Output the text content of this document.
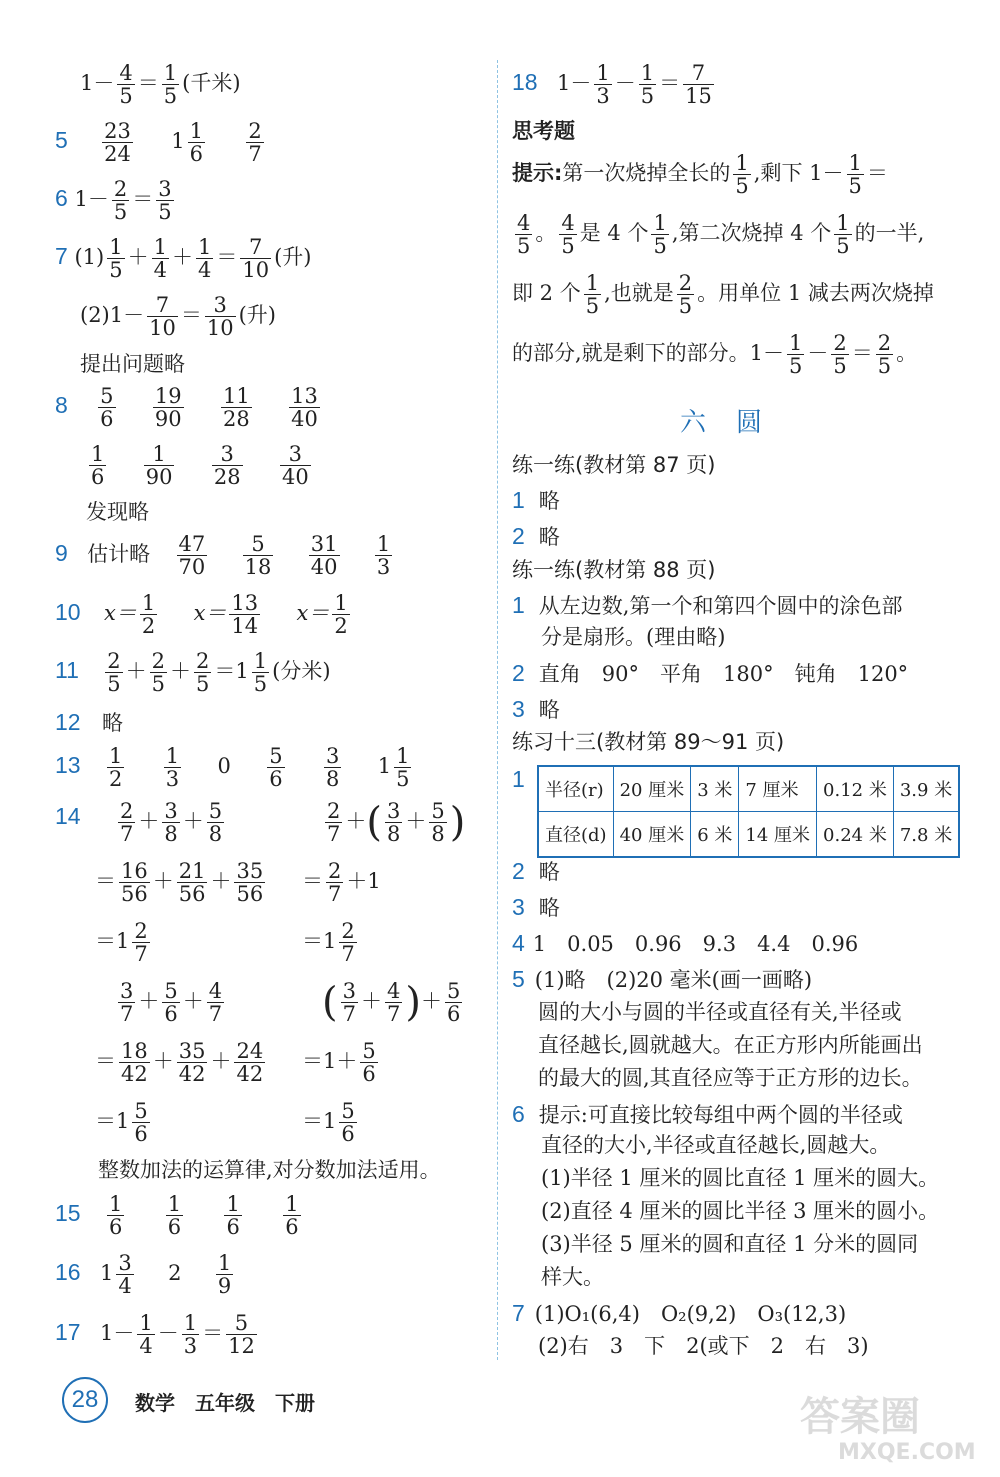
$1- \frac{4}{5} = \frac{1}{5}$ (千米)
$5 \frac{23}{24} 1 \frac{1}{6}$
$\frac{2}{7}$
6 $1- \frac{2}{5} = \frac{3}{5}$
7 $(1) \frac{1}{5} + \frac{1}{4} + \frac{1}{4} = \frac{7}{10}$ (升)
$(2)1- \frac{7}{10} = \frac{3}{10}$ (升)
提出问题略
$8 \frac{5}{6}$
$\frac{19}{90}$
$\frac{11}{28}$
$\frac{13}{40}$
$\frac{1}{6}$
$\frac{1}{90}$
$\frac{3}{28}$
$\frac{3}{40}$
发现略
9 估计略 $\frac{47}{70}$
$\frac{5}{18}$
$\frac{31}{40}$
$\frac{1}{3}$
10 $x= \frac{1}{2} x= \frac{13}{14} x= \frac{1}{2}$
$11 \frac{2}{5} + \frac{2}{5} + \frac{2}{5} =1 \frac{1}{5}$ (分米)
12 略
$13 \frac{1}{2}$
$\frac{1}{3} 0 \frac{5}{6}$
$\frac{3}{8} 1 \frac{1}{5}$
$14 \frac{2}{7} + \frac{3}{8} + \frac{5}{8}$	$\frac{2}{7}$ ＋( $\frac{3}{8} + \frac{5}{8}$ )
＝ $\frac{16}{56} + \frac{21}{56} + \frac{35}{56} = \frac{2}{7} +1$
$=1 \frac{2}{7}$	$=1 \frac{2}{7}$
$\frac{3}{7} + \frac{5}{6} + \frac{4}{7}$ ( $\frac{3}{7} + \frac{4}{7}$ )＋ $\frac{5}{6}$
＝ $\frac{18}{42} + \frac{35}{42} + \frac{24}{42} =1+ \frac{5}{6}$
$=1 \frac{5}{6}$	$=1 \frac{5}{6}$
整数加法的运算律,对分数加法适用。
$15 \frac{1}{6}$
$\frac{1}{6}$
$\frac{1}{6}$
$\frac{1}{6}$
16 $1 \frac{3}{4} 2 \frac{1}{9}$
17 $1- \frac{1}{4} - \frac{1}{3} = \frac{5}{12}$
18 $1- \frac{1}{3} - \frac{1}{5} = \frac{7}{15}$
思考题
提示:第一次烧掉全长的 $\frac{1}{5}$ ,剩下 $1- \frac{1}{5}$ ＝
$\frac{4}{5}$ 。 $\frac{4}{5}$ 是 4 个 $\frac{1}{5}$ ,第二次烧掉 4 个 $\frac{1}{5}$ 的一半,
即 2 个 $\frac{1}{5}$ ,也就是 $\frac{2}{5}$ 。用单位 1 减去两次烧掉
的部分,就是剩下的部分。$1- \frac{1}{5} - \frac{2}{5} = \frac{2}{5}$ 。
六圆
练一练(教材第 87 页)
1 略
2 略
练一练(教材第 88 页)
1 从左边数,第一个和第四个圆中的涂色部
分是扇形。(理由略)
2 直角　90°　平角　180°　钝角　120°
3 略
练习十三(教材第 89～91 页)
1 半径(r)	20 厘米	3 米	7 厘米	0.12 米	3.9 米
直径(d)	40 厘米	6 米	14 厘米	0.24 米	7.8 米
2 略
3 略
4 1　0.05　0.96　9.3　4.4　0.96
5 (1)略　(2)20 毫米(画一画略)
圆的大小与圆的半径或直径有关,半径或
直径越长,圆就越大。在正方形内所能画出
的最大的圆,其直径应等于正方形的边长。
6 提示:可直接比较每组中两个圆的半径或
直径的大小,半径或直径越长,圆越大。
(1)半径 1 厘米的圆比直径 1 厘米的圆大。
(2)直径 4 厘米的圆比半径 3 厘米的圆小。
(3)半径 5 厘米的圆和直径 1 分米的圆同
样大。
7 (1)O₁(6,4)　O₂(9,2)　O₃(12,3)
(2)右　3　下　2(或下　2　右　3)
28 数学　五年级　下册	答案圈
MXQE.COM
